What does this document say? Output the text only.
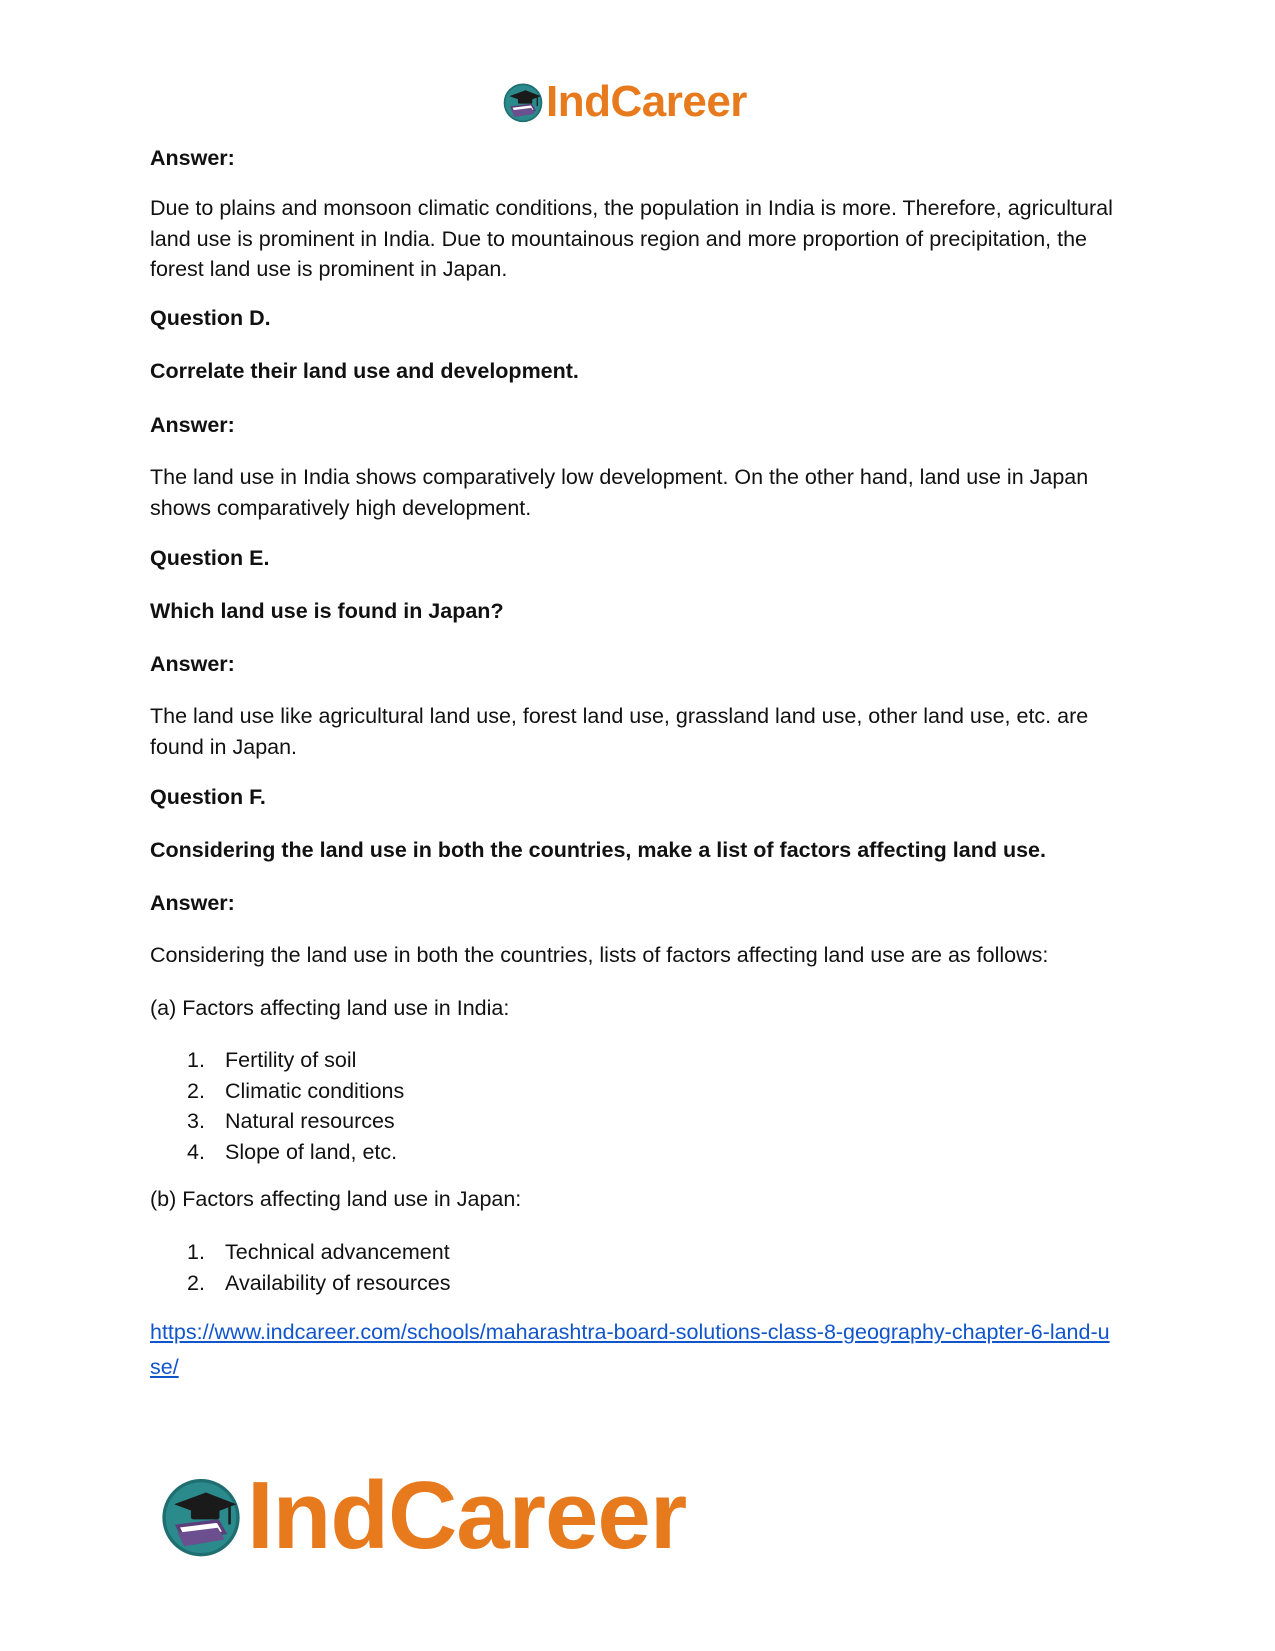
IndCareer

Answer:

Due to plains and monsoon climatic conditions, the population in India is more. Therefore, agricultural land use is prominent in India. Due to mountainous region and more proportion of precipitation, the forest land use is prominent in Japan.

Question D.

Correlate their land use and development.

Answer:

The land use in India shows comparatively low development. On the other hand, land use in Japan shows comparatively high development.

Question E.

Which land use is found in Japan?

Answer:

The land use like agricultural land use, forest land use, grassland land use, other land use, etc. are found in Japan.

Question F.

Considering the land use in both the countries, make a list of factors affecting land use.

Answer:

Considering the land use in both the countries, lists of factors affecting land use are as follows:

(a) Factors affecting land use in India:

1. Fertility of soil
2. Climatic conditions
3. Natural resources
4. Slope of land, etc.

(b) Factors affecting land use in Japan:

1. Technical advancement
2. Availability of resources
https://www.indcareer.com/schools/maharashtra-board-solutions-class-8-geography-chapter-6-land-use/
IndCareer
